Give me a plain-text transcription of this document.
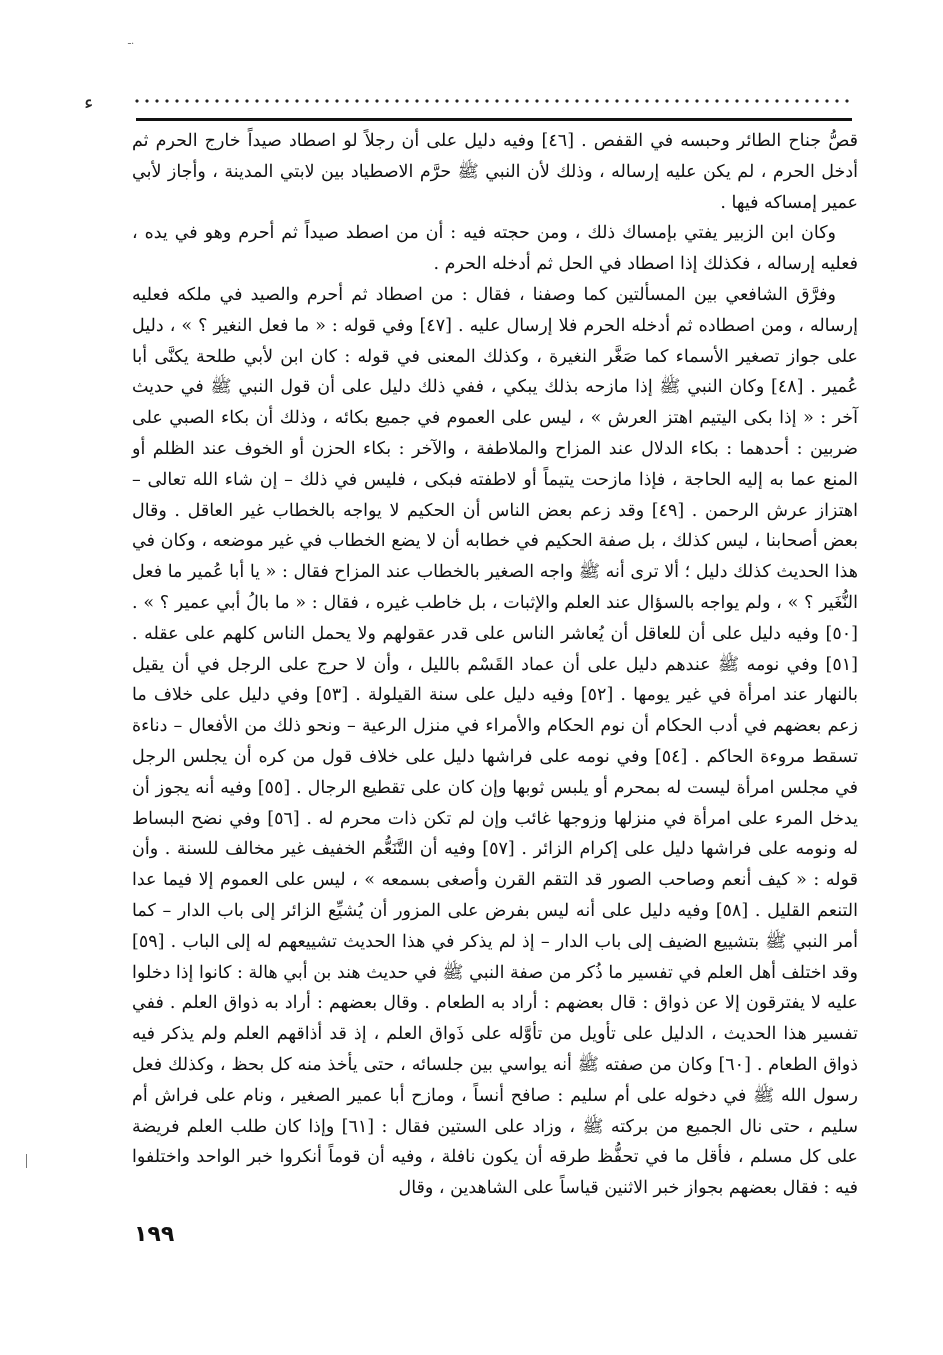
ـ.
ء

قصُّ جناح الطائر وحبسه في القفص . [٤٦] وفيه دليل على أن رجلاً لو اصطاد صيداً خارج الحرم ثم أدخل الحرم ، لم يكن عليه إرساله ، وذلك لأن النبي ﷺ حرَّم الاصطياد بين لابتي المدينة ، وأجاز لأبي عمير إمساكه فيها .

وكان ابن الزبير يفتي بإمساك ذلك ، ومن حجته فيه : أن من اصطد صيداً ثم أحرم وهو في يده ، فعليه إرساله ، فكذلك إذا اصطاد في الحل ثم أدخله الحرم .

وفرَّق الشافعي بين المسألتين كما وصفنا ، فقال : من اصطاد ثم أحرم والصيد في ملكه فعليه إرساله ، ومن اصطاده ثم أدخله الحرم فلا إرسال عليه . [٤٧] وفي قوله : « ما فعل النغير ؟ » ، دليل على جواز تصغير الأسماء كما صَغَّر النغيرة ، وكذلك المعنى في قوله : كان ابن لأبي طلحة يكنَّى أبا عُمير . [٤٨] وكان النبي ﷺ إذا مازحه بذلك يبكي ، ففي ذلك دليل على أن قول النبي ﷺ في حديث آخر : « إذا بكى اليتيم اهتز العرش » ، ليس على العموم في جميع بكائه ، وذلك أن بكاء الصبي على ضربين : أحدهما : بكاء الدلال عند المزاح والملاطفة ، والآخر : بكاء الحزن أو الخوف عند الظلم أو المنع عما به إليه الحاجة ، فإذا مازحت يتيماً أو لاطفته فبكى ، فليس في ذلك – إن شاء الله تعالى – اهتزاز عرش الرحمن . [٤٩] وقد زعم بعض الناس أن الحكيم لا يواجه بالخطاب غير العاقل . وقال بعض أصحابنا ، ليس كذلك ، بل صفة الحكيم في خطابه أن لا يضع الخطاب في غير موضعه ، وكان في هذا الحديث كذلك دليل ؛ ألا ترى أنه ﷺ واجه الصغير بالخطاب عند المزاح فقال : « يا أبا عُمير ما فعل النُّغَير ؟ » ، ولم يواجه بالسؤال عند العلم والإثبات ، بل خاطب غيره ، فقال : « ما بالُ أبي عمير ؟ » . [٥٠] وفيه دليل على أن للعاقل أن يُعاشر الناس على قدر عقولهم ولا يحمل الناس كلهم على عقله . [٥١] وفي نومه ﷺ عندهم دليل على أن عماد القَسْم بالليل ، وأن لا حرج على الرجل في أن يقيل بالنهار عند امرأة في غير يومها . [٥٢] وفيه دليل على سنة القيلولة . [٥٣] وفي دليل على خلاف ما زعم بعضهم في أدب الحكام أن نوم الحكام والأمراء في منزل الرعية – ونحو ذلك من الأفعال – دناءة تسقط مروءة الحاكم . [٥٤] وفي نومه على فراشها دليل على خلاف قول من كره أن يجلس الرجل في مجلس امرأة ليست له بمحرم أو يلبس ثوبها وإن كان على تقطيع الرجال . [٥٥] وفيه أنه يجوز أن يدخل المرء على امرأة في منزلها وزوجها غائب وإن لم تكن ذات محرم له . [٥٦] وفي نضح البساط له ونومه على فراشها دليل على إكرام الزائر . [٥٧] وفيه أن التَّنَعُّم الخفيف غير مخالف للسنة . وأن قوله : « كيف أنعم وصاحب الصور قد التقم القرن وأصغى بسمعه » ، ليس على العموم إلا فيما عدا التنعم القليل . [٥٨] وفيه دليل على أنه ليس بفرض على المزور أن يُشيِّع الزائر إلى باب الدار – كما أمر النبي ﷺ بتشييع الضيف إلى باب الدار – إذ لم يذكر في هذا الحديث تشييعهم له إلى الباب . [٥٩] وقد اختلف أهل العلم في تفسير ما ذُكر من صفة النبي ﷺ في حديث هند بن أبي هالة : كانوا إذا دخلوا عليه لا يفترقون إلا عن ذواق : قال بعضهم : أراد به الطعام . وقال بعضهم : أراد به ذواق العلم . ففي تفسير هذا الحديث ، الدليل على تأويل من تأوَّله على ذَواق العلم ، إذ قد أذاقهم العلم ولم يذكر فيه ذواق الطعام . [٦٠] وكان من صفته ﷺ أنه يواسي بين جلسائه ، حتى يأخذ منه كل بحظ ، وكذلك فعل رسول الله ﷺ في دخوله على أم سليم : صافح أنساً ، ومازح أبا عمير الصغير ، ونام على فراش أم سليم ، حتى نال الجميع من بركته ﷺ ، وزاد على الستين فقال : [٦١] وإذا كان طلب العلم فريضة على كل مسلم ، فأقل ما في تحفُّظ طرقه أن يكون نافلة ، وفيه أن قوماً أنكروا خبر الواحد واختلفوا فيه : فقال بعضهم بجواز خبر الاثنين قياساً على الشاهدين ، وقال

١٩٩
